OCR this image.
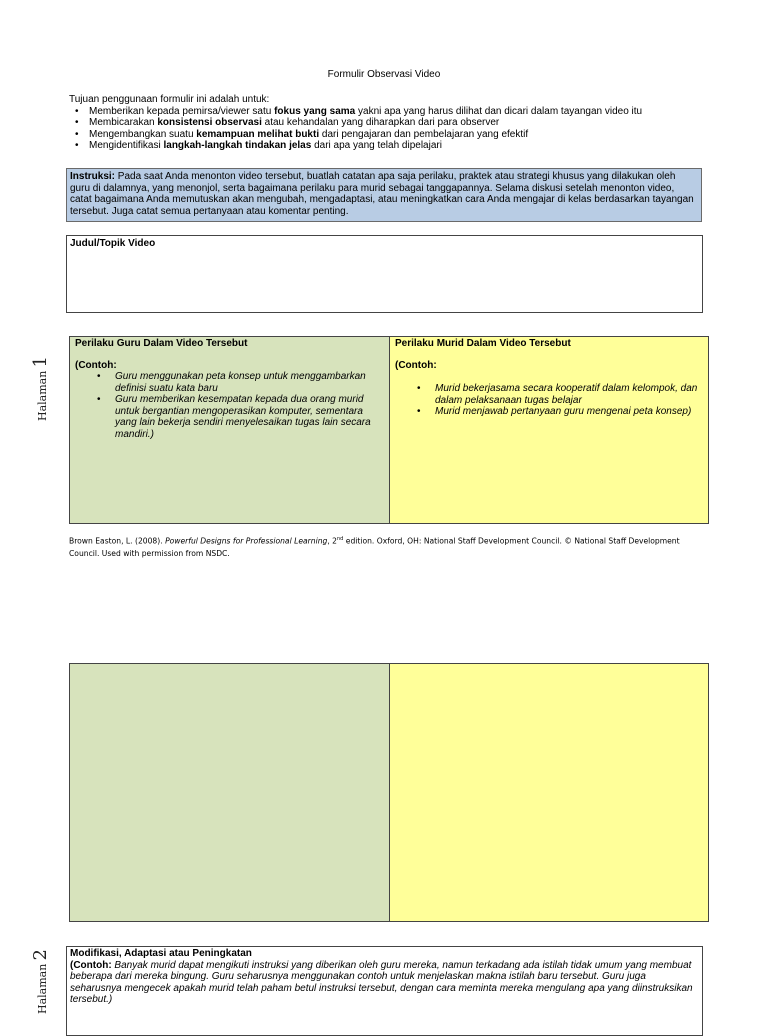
Formulir Observasi Video
Tujuan penggunaan formulir ini adalah untuk:
• Memberikan kepada pemirsa/viewer satu fokus yang sama yakni apa yang harus dilihat dan dicari dalam tayangan video itu
• Membicarakan konsistensi observasi atau kehandalan yang diharapkan dari para observer
• Mengembangkan suatu kemampuan melihat bukti dari pengajaran dan pembelajaran yang efektif
• Mengidentifikasi langkah-langkah tindakan jelas dari apa yang telah dipelajari
Instruksi: Pada saat Anda menonton video tersebut, buatlah catatan apa saja perilaku, praktek atau strategi khusus yang dilakukan oleh guru di dalamnya, yang menonjol, serta bagaimana perilaku para murid sebagai tanggapannya. Selama diskusi setelah menonton video, catat bagaimana Anda memutuskan akan mengubah, mengadaptasi, atau meningkatkan cara Anda mengajar di kelas berdasarkan tayangan tersebut. Juga catat semua pertanyaan atau komentar penting.
Judul/Topik Video
Halaman 1
Perilaku Guru Dalam Video Tersebut
(Contoh:
• Guru menggunakan peta konsep untuk menggambarkan definisi suatu kata baru
• Guru memberikan kesempatan kepada dua orang murid untuk bergantian mengoperasikan komputer, sementara yang lain bekerja sendiri menyelesaikan tugas lain secara mandiri.)
Perilaku Murid Dalam Video Tersebut
(Contoh:
• Murid bekerjasama secara kooperatif dalam kelompok, dan dalam pelaksanaan tugas belajar
• Murid menjawab pertanyaan guru mengenai peta konsep)
Brown Easton, L. (2008). Powerful Designs for Professional Learning, 2nd edition. Oxford, OH: National Staff Development Council. © National Staff Development Council. Used with permission from NSDC.
Halaman 2 Modifikasi, Adaptasi atau Peningkatan
(Contoh: Banyak murid dapat mengikuti instruksi yang diberikan oleh guru mereka, namun terkadang ada istilah tidak umum yang membuat beberapa dari mereka bingung. Guru seharusnya menggunakan contoh untuk menjelaskan makna istilah baru tersebut. Guru juga seharusnya mengecek apakah murid telah paham betul instruksi tersebut, dengan cara meminta mereka mengulang apa yang diinstruksikan tersebut.)
